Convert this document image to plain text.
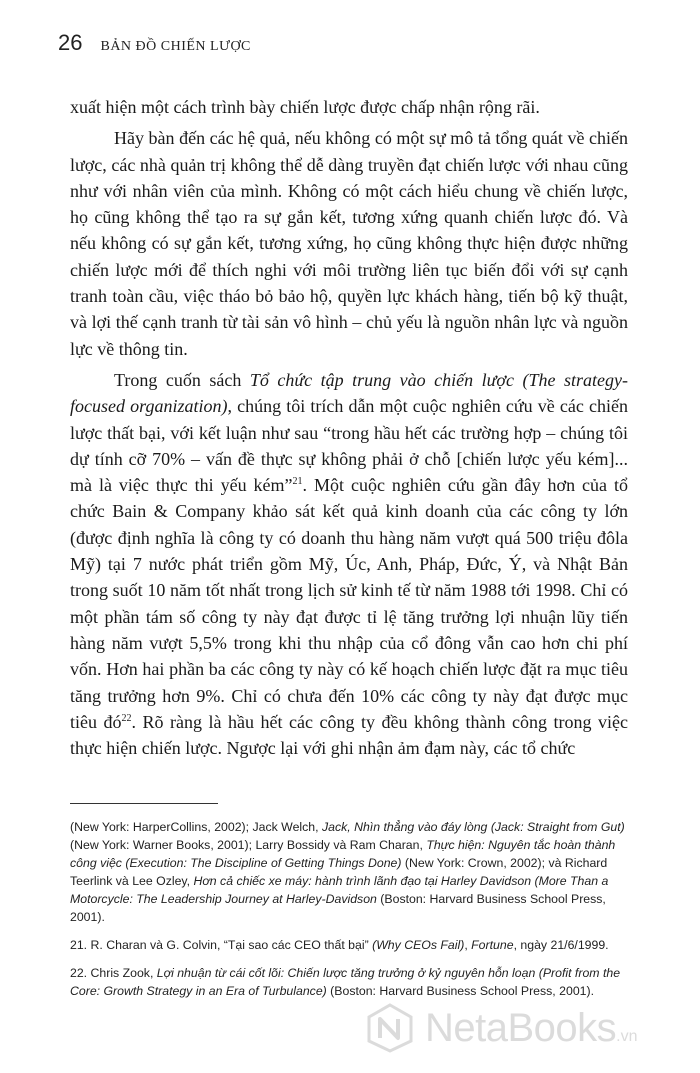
26 BẢN ĐỒ CHIẾN LƯỢC

xuất hiện một cách trình bày chiến lược được chấp nhận rộng rãi.

Hãy bàn đến các hệ quả, nếu không có một sự mô tả tổng quát về chiến lược, các nhà quản trị không thể dễ dàng truyền đạt chiến lược với nhau cũng như với nhân viên của mình. Không có một cách hiểu chung về chiến lược, họ cũng không thể tạo ra sự gắn kết, tương xứng quanh chiến lược đó. Và nếu không có sự gắn kết, tương xứng, họ cũng không thực hiện được những chiến lược mới để thích nghi với môi trường liên tục biến đổi với sự cạnh tranh toàn cầu, việc tháo bỏ bảo hộ, quyền lực khách hàng, tiến bộ kỹ thuật, và lợi thế cạnh tranh từ tài sản vô hình – chủ yếu là nguồn nhân lực và nguồn lực về thông tin.

Trong cuốn sách Tổ chức tập trung vào chiến lược (The strategy-focused organization), chúng tôi trích dẫn một cuộc nghiên cứu về các chiến lược thất bại, với kết luận như sau “trong hầu hết các trường hợp – chúng tôi dự tính cỡ 70% – vấn đề thực sự không phải ở chỗ [chiến lược yếu kém]... mà là việc thực thi yếu kém”$^{21}$. Một cuộc nghiên cứu gần đây hơn của tổ chức Bain & Company khảo sát kết quả kinh doanh của các công ty lớn (được định nghĩa là công ty có doanh thu hàng năm vượt quá 500 triệu đôla Mỹ) tại 7 nước phát triển gồm Mỹ, Úc, Anh, Pháp, Đức, Ý, và Nhật Bản trong suốt 10 năm tốt nhất trong lịch sử kinh tế từ năm 1988 tới 1998. Chỉ có một phần tám số công ty này đạt được tỉ lệ tăng trưởng lợi nhuận lũy tiến hàng năm vượt 5,5% trong khi thu nhập của cổ đông vẫn cao hơn chi phí vốn. Hơn hai phần ba các công ty này có kế hoạch chiến lược đặt ra mục tiêu tăng trưởng hơn 9%. Chỉ có chưa đến 10% các công ty này đạt được mục tiêu đó$^{22}$. Rõ ràng là hầu hết các công ty đều không thành công trong việc thực hiện chiến lược. Ngược lại với ghi nhận ảm đạm này, các tổ chức

(New York: HarperCollins, 2002); Jack Welch, Jack, Nhìn thẳng vào đáy lòng (Jack: Straight from Gut) (New York: Warner Books, 2001); Larry Bossidy và Ram Charan, Thực hiện: Nguyên tắc hoàn thành công việc (Execution: The Discipline of Getting Things Done) (New York: Crown, 2002); và Richard Teerlink và Lee Ozley, Hơn cả chiếc xe máy: hành trình lãnh đạo tại Harley Davidson (More Than a Motorcycle: The Leadership Journey at Harley-Davidson (Boston: Harvard Business School Press, 2001).

21. R. Charan và G. Colvin, “Tại sao các CEO thất bại” (Why CEOs Fail), Fortune, ngày 21/6/1999.

22. Chris Zook, Lợi nhuận từ cái cốt lõi: Chiến lược tăng trưởng ở kỷ nguyên hỗn loạn (Profit from the Core: Growth Strategy in an Era of Turbulance) (Boston: Harvard Business School Press, 2001).

NetaBooks .vn
